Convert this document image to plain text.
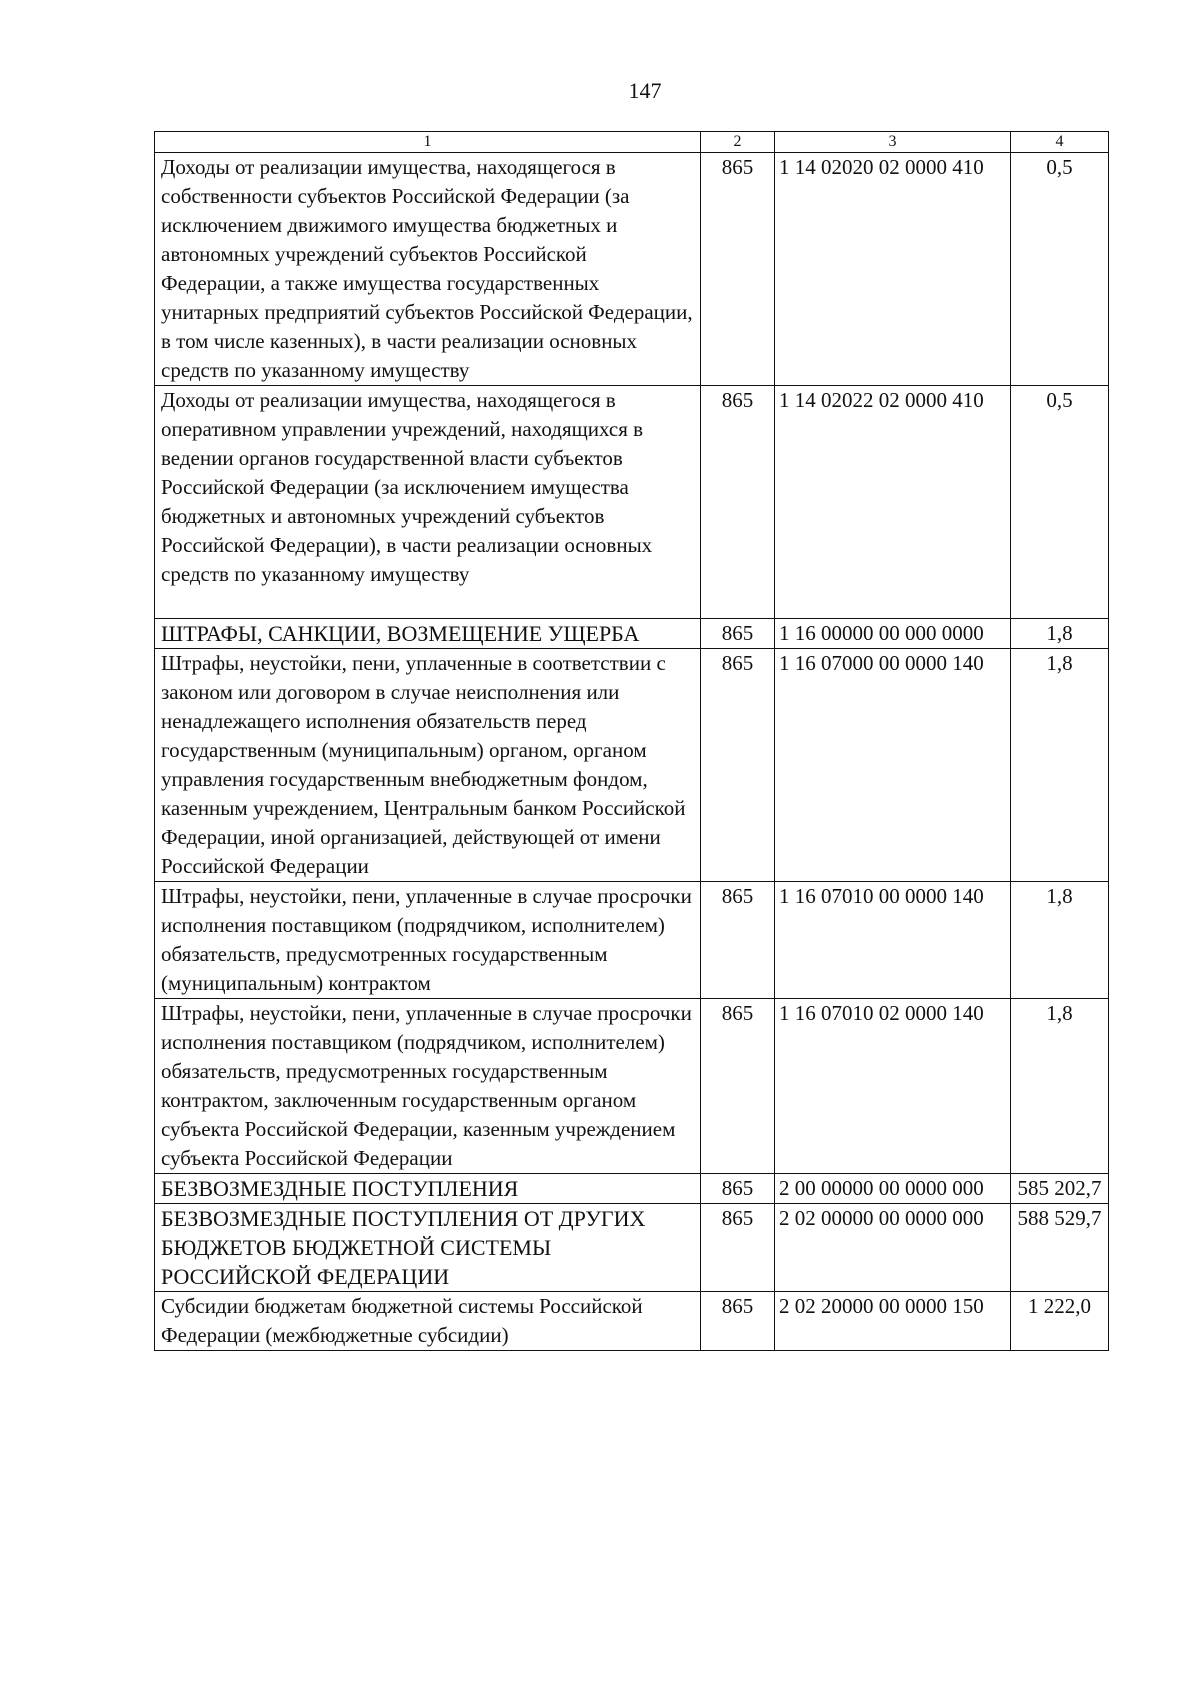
147
1	2	3	4
Доходы от реализации имущества, находящегося в собственности субъектов Российской Федерации (за исключением движимого имущества бюджетных и автономных учреждений субъектов Российской Федерации, а также имущества государственных унитарных предприятий субъектов Российской Федерации, в том числе казенных), в части реализации основных средств по указанному имуществу	865	1 14 02020 02 0000 410	0,5
Доходы от реализации имущества, находящегося в оперативном управлении учреждений, находящихся в ведении органов государственной власти субъектов Российской Федерации (за исключением имущества бюджетных и автономных учреждений субъектов Российской Федерации), в части реализации основных средств по указанному имуществу	865	1 14 02022 02 0000 410	0,5
ШТРАФЫ, САНКЦИИ, ВОЗМЕЩЕНИЕ УЩЕРБА	865	1 16 00000 00 000 0000	1,8
Штрафы, неустойки, пени, уплаченные в соответствии с законом или договором в случае неисполнения или ненадлежащего исполнения обязательств перед государственным (муниципальным) органом, органом управления государственным внебюджетным фондом, казенным учреждением, Центральным банком Российской Федерации, иной организацией, действующей от имени Российской Федерации	865	1 16 07000 00 0000 140	1,8
Штрафы, неустойки, пени, уплаченные в случае просрочки исполнения поставщиком (подрядчиком, исполнителем) обязательств, предусмотренных государственным (муниципальным) контрактом	865	1 16 07010 00 0000 140	1,8
Штрафы, неустойки, пени, уплаченные в случае просрочки исполнения поставщиком (подрядчиком, исполнителем) обязательств, предусмотренных государственным контрактом, заключенным государственным органом субъекта Российской Федерации, казенным учреждением субъекта Российской Федерации	865	1 16 07010 02 0000 140	1,8
БЕЗВОЗМЕЗДНЫЕ ПОСТУПЛЕНИЯ	865	2 00 00000 00 0000 000	585 202,7
БЕЗВОЗМЕЗДНЫЕ ПОСТУПЛЕНИЯ ОТ ДРУГИХ БЮДЖЕТОВ БЮДЖЕТНОЙ СИСТЕМЫ РОССИЙСКОЙ ФЕДЕРАЦИИ	865	2 02 00000 00 0000 000	588 529,7
Субсидии бюджетам бюджетной системы Российской Федерации (межбюджетные субсидии)	865	2 02 20000 00 0000 150	1 222,0
